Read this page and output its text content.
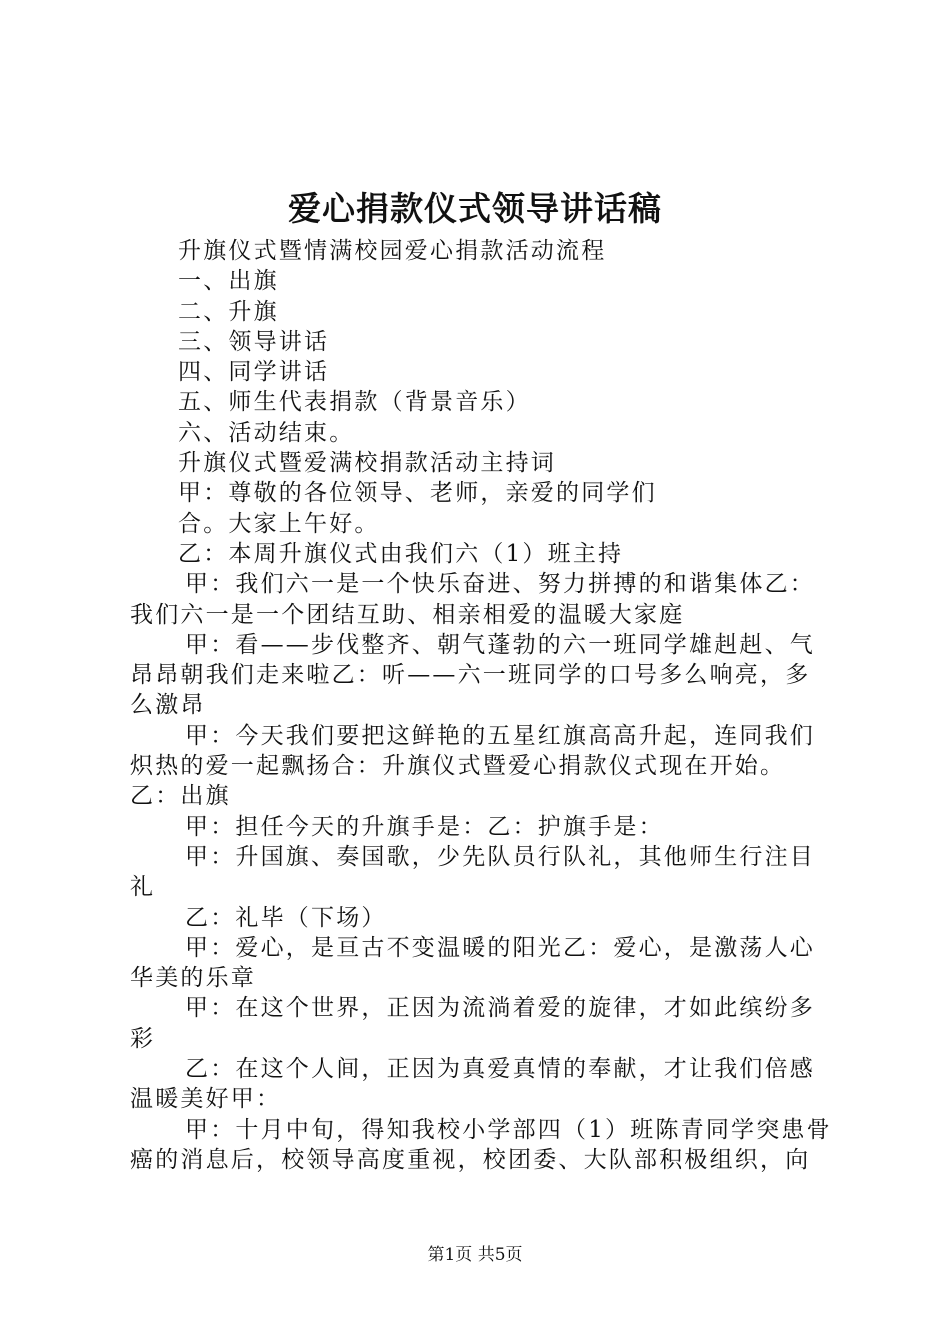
爱心捐款仪式领导讲话稿

升旗仪式暨情满校园爱心捐款活动流程

一、出旗

二、升旗

三、领导讲话

四、同学讲话

五、师生代表捐款（背景音乐）

六、活动结束。

升旗仪式暨爱满校捐款活动主持词

甲：尊敬的各位领导、老师，亲爱的同学们

合。大家上午好。

乙：本周升旗仪式由我们六（1）班主持

甲：我们六一是一个快乐奋进、努力拼搏的和谐集体乙：我们六一是一个团结互助、相亲相爱的温暖大家庭

甲：看——步伐整齐、朝气蓬勃的六一班同学雄赳赳、气昂昂朝我们走来啦乙：听——六一班同学的口号多么响亮，多么激昂

甲：今天我们要把这鲜艳的五星红旗高高升起，连同我们炽热的爱一起飘扬合：升旗仪式暨爱心捐款仪式现在开始。乙：出旗

甲：担任今天的升旗手是：乙：护旗手是：

甲：升国旗、奏国歌，少先队员行队礼，其他师生行注目礼

乙：礼毕（下场）

甲：爱心，是亘古不变温暖的阳光乙：爱心，是激荡人心华美的乐章

甲：在这个世界，正因为流淌着爱的旋律，才如此缤纷多彩

乙：在这个人间，正因为真爱真情的奉献，才让我们倍感温暖美好甲：

甲：十月中旬，得知我校小学部四（1）班陈青同学突患骨癌的消息后，校领导高度重视，校团委、大队部积极组织，向

第1页 共5页
